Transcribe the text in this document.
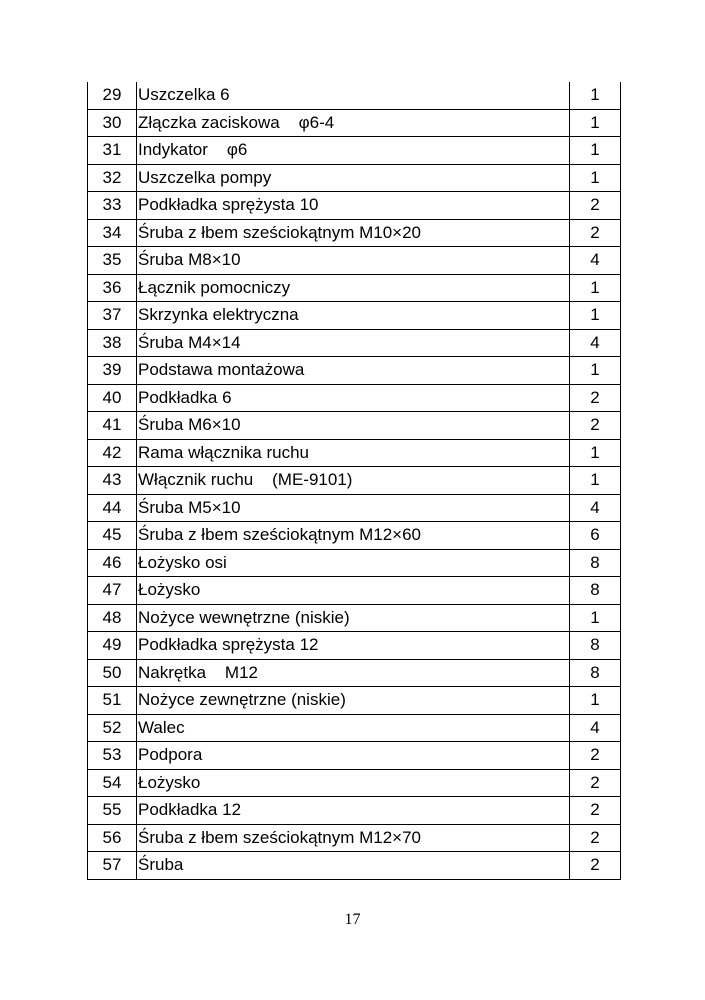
29	Uszczelka 6	1
30	Złączka zaciskowa    φ6-4	1
31	Indykator    φ6	1
32	Uszczelka pompy	1
33	Podkładka sprężysta 10	2
34	Śruba z łbem sześciokątnym M10×20	2
35	Śruba M8×10	4
36	Łącznik pomocniczy	1
37	Skrzynka elektryczna	1
38	Śruba M4×14	4
39	Podstawa montażowa	1
40	Podkładka 6	2
41	Śruba M6×10	2
42	Rama włącznika ruchu	1
43	Włącznik ruchu    (ME-9101)	1
44	Śruba M5×10	4
45	Śruba z łbem sześciokątnym M12×60	6
46	Łożysko osi	8
47	Łożysko	8
48	Nożyce wewnętrzne (niskie)	1
49	Podkładka sprężysta 12	8
50	Nakrętka    M12	8
51	Nożyce zewnętrzne (niskie)	1
52	Walec	4
53	Podpora	2
54	Łożysko	2
55	Podkładka 12	2
56	Śruba z łbem sześciokątnym M12×70	2
57	Śruba	2
17
